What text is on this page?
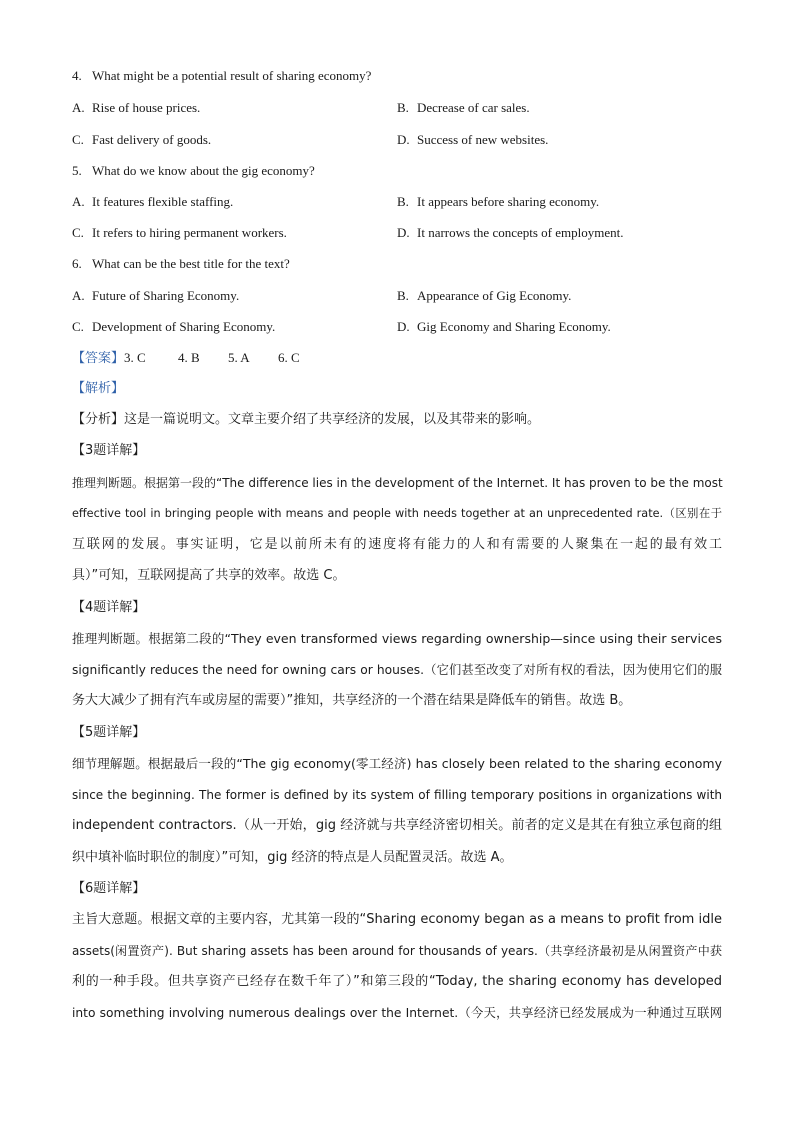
4. What might be a potential result of sharing economy?
A. Rise of house prices.	B. Decrease of car sales.
C. Fast delivery of goods.	D. Success of new websites.
5. What do we know about the gig economy?
A. It features flexible staffing.	B. It appears before sharing economy.
C. It refers to hiring permanent workers.	D. It narrows the concepts of employment.
6. What can be the best title for the text?
A. Future of Sharing Economy.	B. Appearance of Gig Economy.
C. Development of Sharing Economy.	D. Gig Economy and Sharing Economy.
【答案】3. C 4. B 5. A 6. C
【解析】
【分析】这是一篇说明文。文章主要介绍了共享经济的发展，以及其带来的影响。
【3题详解】
推理判断题。根据第一段的“The difference lies in the development of the Internet. It has proven to be the most
effective tool in bringing people with means and people with needs together at an unprecedented rate.（区别在于
互联网的发展。事实证明，它是以前所未有的速度将有能力的人和有需要的人聚集在一起的最有效工
具）”可知，互联网提高了共享的效率。故选 C。
【4题详解】
推理判断题。根据第二段的“They even transformed views regarding ownership—since using their services
significantly reduces the need for owning cars or houses.（它们甚至改变了对所有权的看法，因为使用它们的服
务大大减少了拥有汽车或房屋的需要）”推知，共享经济的一个潜在结果是降低车的销售。故选 B。
【5题详解】
细节理解题。根据最后一段的“The gig economy(零工经济) has closely been related to the sharing economy
since the beginning. The former is defined by its system of filling temporary positions in organizations with
independent contractors.（从一开始，gig 经济就与共享经济密切相关。前者的定义是其在有独立承包商的组
织中填补临时职位的制度）”可知，gig 经济的特点是人员配置灵活。故选 A。
【6题详解】
主旨大意题。根据文章的主要内容，尤其第一段的“Sharing economy began as a means to profit from idle
assets(闲置资产). But sharing assets has been around for thousands of years.（共享经济最初是从闲置资产中获
利的一种手段。但共享资产已经存在数千年了）”和第三段的“Today, the sharing economy has developed
into something involving numerous dealings over the Internet.（今天，共享经济已经发展成为一种通过互联网
